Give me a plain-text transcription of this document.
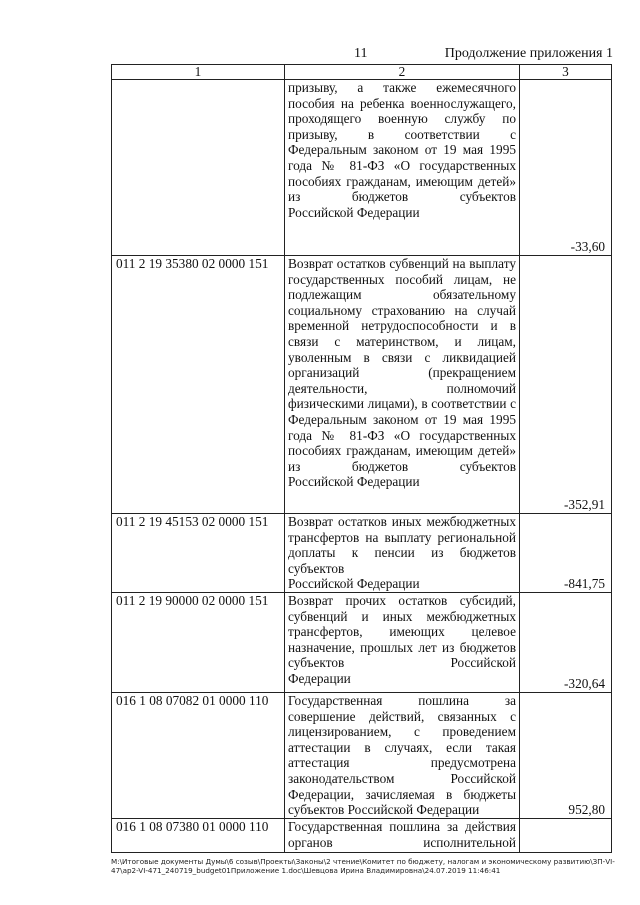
11	Продолжение приложения 1
1	2	3
	призыву, а также ежемесячного пособия на ребенка военнослужащего, проходящего военную службу по призыву, в соответствии с Федеральным законом от 19 мая 1995 года № 81-ФЗ «О государственных пособиях гражданам, имеющим детей» из бюджетов субъектов
Российской Федерации	-33,60
011 2 19 35380 02 0000 151	Возврат остатков субвенций на выплату государственных пособий лицам, не подлежащим обязательному социальному страхованию на случай временной нетрудоспособности и в связи с материнством, и лицам, уволенным в связи с ликвидацией организаций (прекращением деятельности, полномочий физическими лицами), в соответствии с Федеральным законом от 19 мая 1995 года № 81-ФЗ «О государственных пособиях гражданам, имеющим детей» из бюджетов субъектов
Российской Федерации	-352,91
011 2 19 45153 02 0000 151	Возврат остатков иных межбюджетных трансфертов на выплату региональной доплаты к пенсии из бюджетов субъектов
Российской Федерации	-841,75
011 2 19 90000 02 0000 151	Возврат прочих остатков субсидий, субвенций и иных межбюджетных трансфертов, имеющих целевое назначение, прошлых лет из бюджетов субъектов Российской
Федерации	-320,64
016 1 08 07082 01 0000 110	Государственная пошлина за совершение действий, связанных с лицензированием, с проведением аттестации в случаях, если такая аттестация предусмотрена законодательством Российской Федерации, зачисляемая в бюджеты
субъектов Российской Федерации	952,80
016 1 08 07380 01 0000 110	Государственная пошлина за действия органов исполнительной	
М:\Итоговые документы Думы\6 созыв\Проекты\Законы\2 чтение\Комитет по бюджету, налогам и экономическому развитию\ЗП-VI-47\ap2-VI-471_240719_budget01Приложение 1.doc\Шевцова Ирина Владимировна\24.07.2019 11:46:41
